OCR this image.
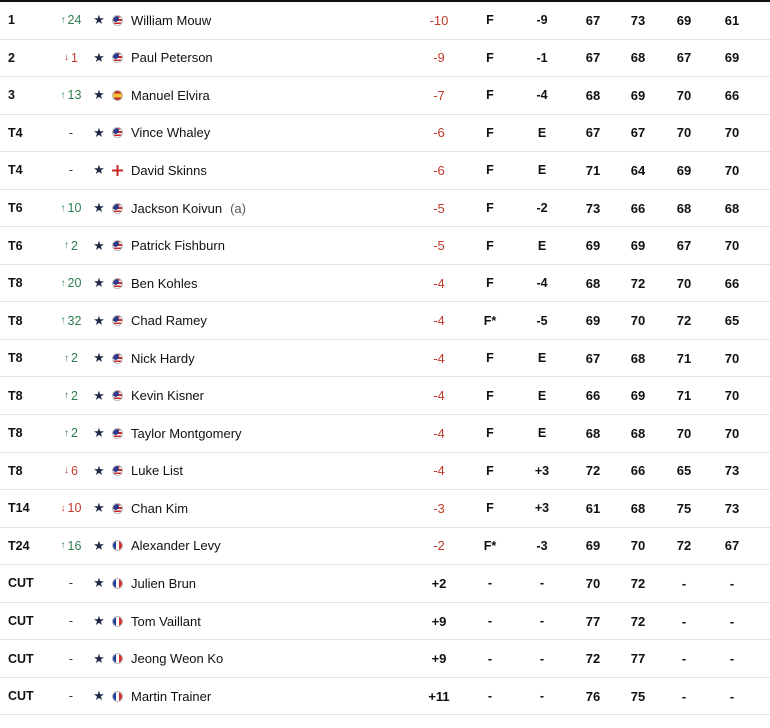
1	↑ 24 ★ William Mouw	-10	F	-9	67	73	69	61
2	↓ 1 ★ Paul Peterson	-9	F	-1	67	68	67	69
3	↑ 13 ★ Manuel Elvira	-7	F	-4	68	69	70	66
T4	- ★ Vince Whaley	-6	F	E	67	67	70	70
T4	- ★ David Skinns	-6	F	E	71	64	69	70
T6	↑ 10 ★ Jackson Koivun (a)	-5	F	-2	73	66	68	68
T6	↑ 2 ★ Patrick Fishburn	-5	F	E	69	69	67	70
T8	↑ 20 ★ Ben Kohles	-4	F	-4	68	72	70	66
T8	↑ 32 ★ Chad Ramey	-4	F*	-5	69	70	72	65
T8	↑ 2 ★ Nick Hardy	-4	F	E	67	68	71	70
T8	↑ 2 ★ Kevin Kisner	-4	F	E	66	69	71	70
T8	↑ 2 ★ Taylor Montgomery	-4	F	E	68	68	70	70
T8	↓ 6 ★ Luke List	-4	F	+3	72	66	65	73
T14	↓ 10 ★ Chan Kim	-3	F	+3	61	68	75	73
T24	↑ 16 ★ Alexander Levy	-2	F*	-3	69	70	72	67
CUT	- ★ Julien Brun	+2	-	-	70	72	-	-
CUT	- ★ Tom Vaillant	+9	-	-	77	72	-	-
CUT	- ★ Jeong Weon Ko	+9	-	-	72	77	-	-
CUT	- ★ Martin Trainer	+11	-	-	76	75	-	-
